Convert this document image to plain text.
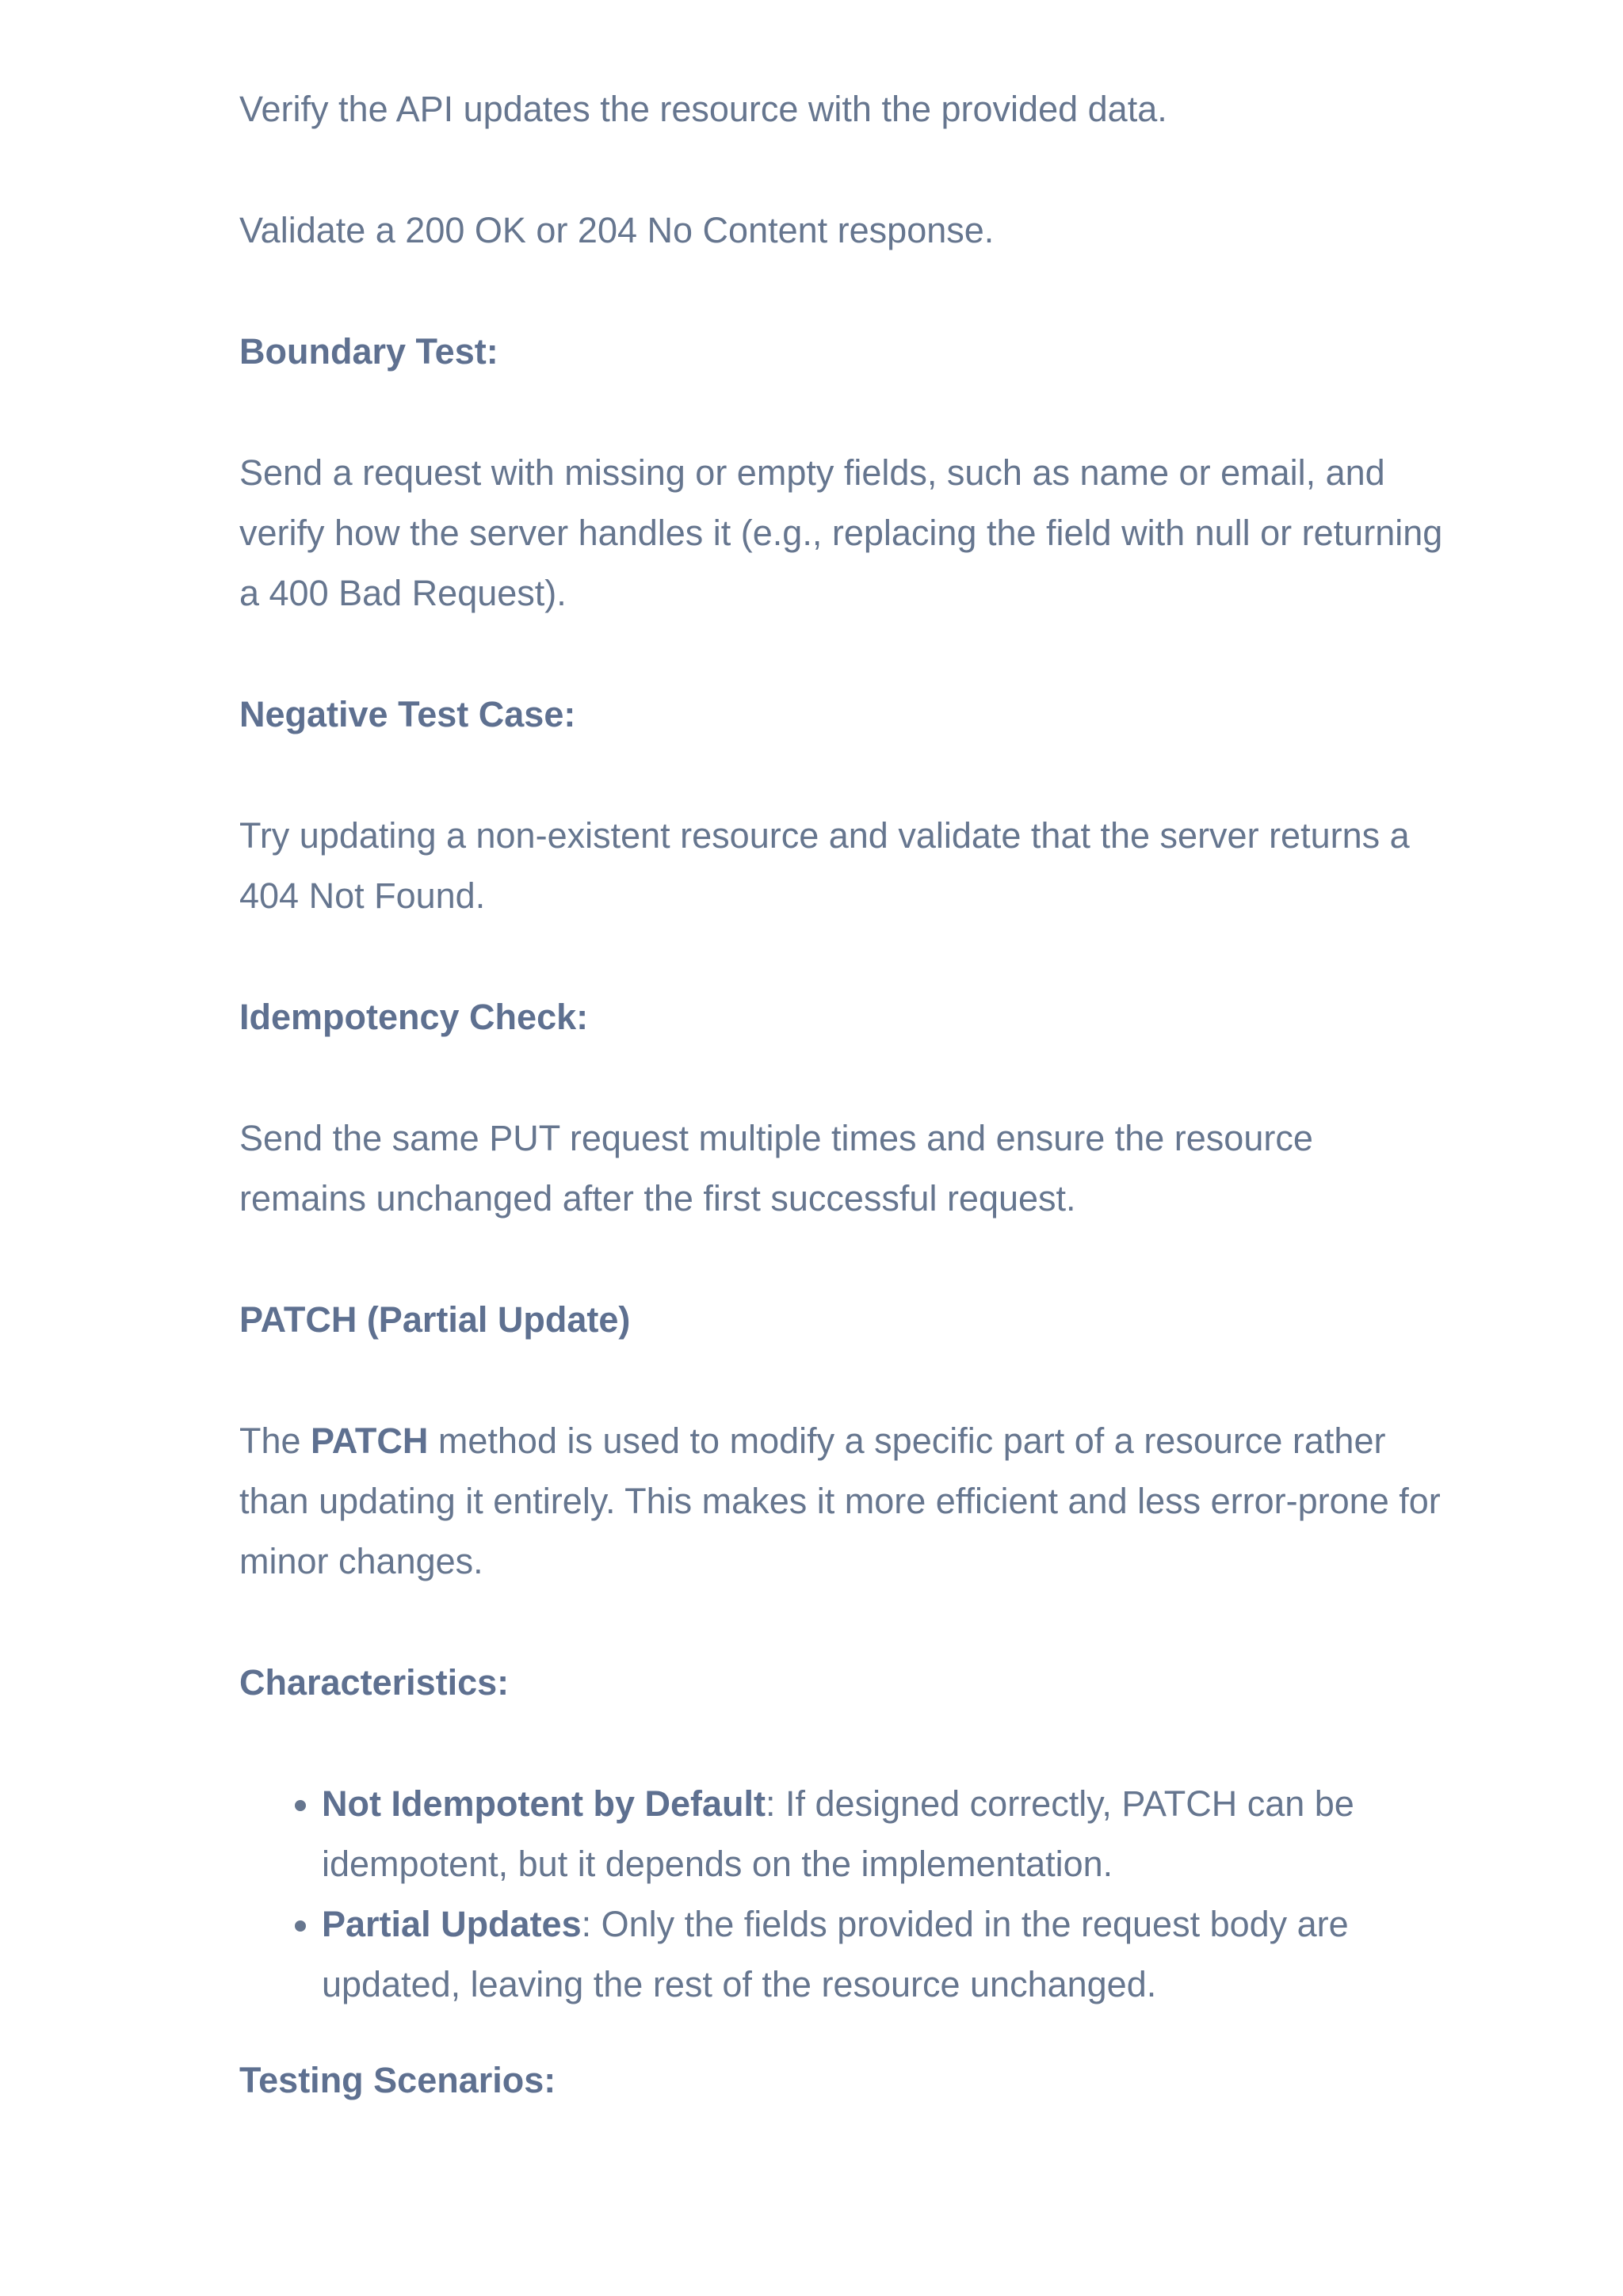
Verify the API updates the resource with the provided data.

Validate a 200 OK or 204 No Content response.

Boundary Test:

Send a request with missing or empty fields, such as name or email, and verify how the server handles it (e.g., replacing the field with null or returning a 400 Bad Request).

Negative Test Case:

Try updating a non-existent resource and validate that the server returns a 404 Not Found.

Idempotency Check:

Send the same PUT request multiple times and ensure the resource remains unchanged after the first successful request.

PATCH (Partial Update)

The PATCH method is used to modify a specific part of a resource rather than updating it entirely. This makes it more efficient and less error-prone for minor changes.

Characteristics:

• Not Idempotent by Default: If designed correctly, PATCH can be idempotent, but it depends on the implementation.
• Partial Updates: Only the fields provided in the request body are updated, leaving the rest of the resource unchanged.

Testing Scenarios:
